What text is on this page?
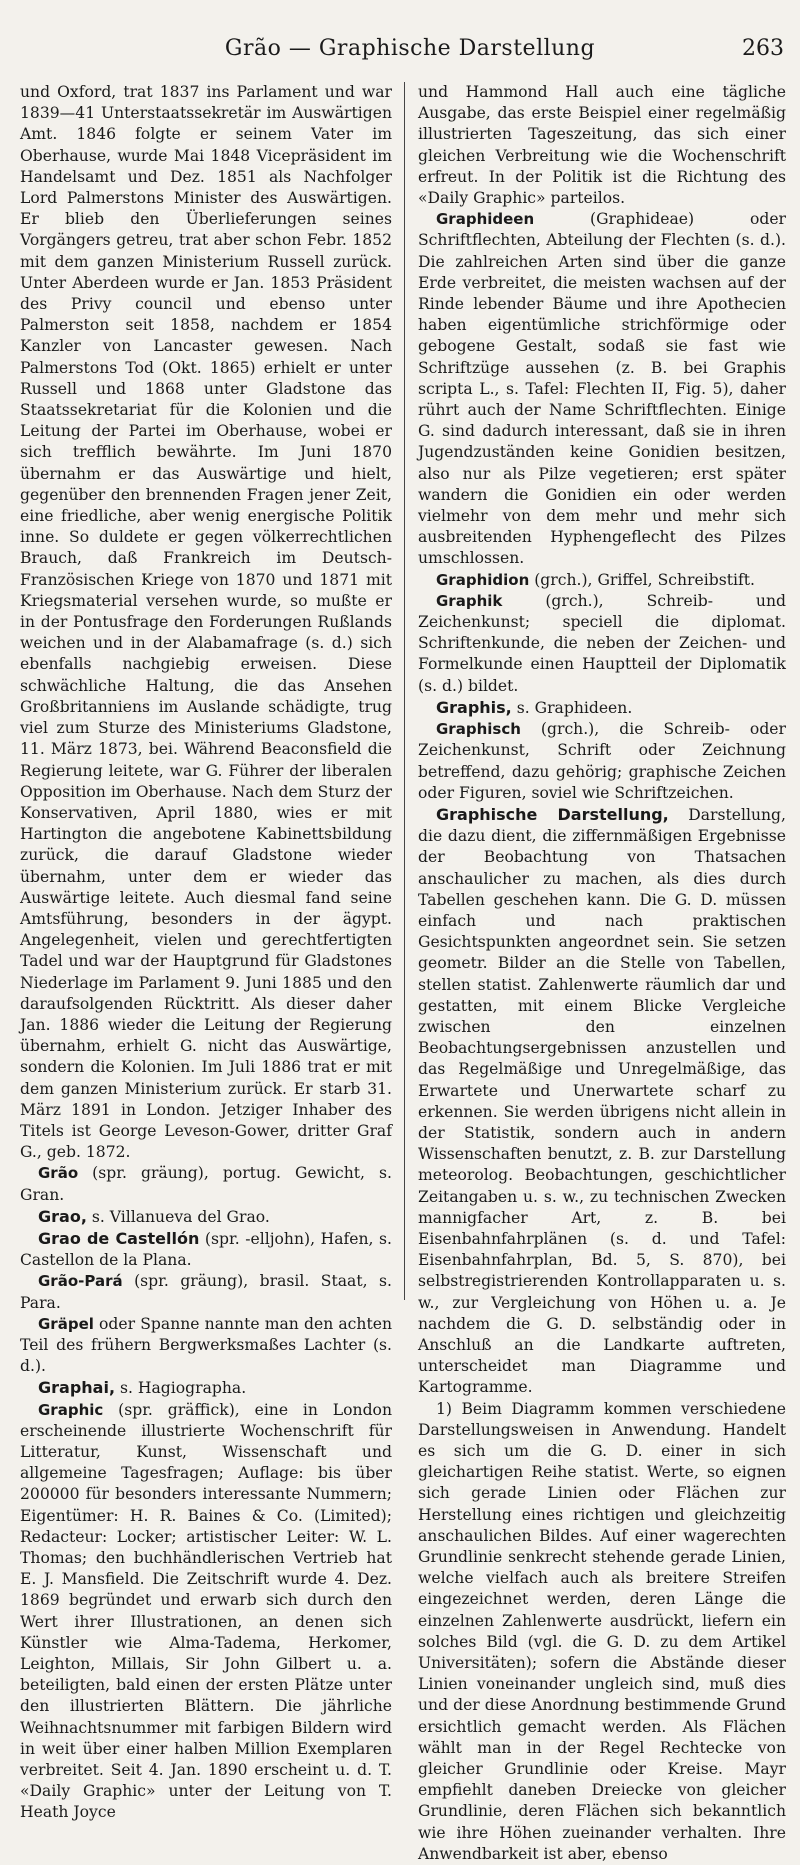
Grão — Graphische Darstellung	263

und Oxford, trat 1837 ins Parlament und war 1839—41 Unterstaatssekretär im Auswärtigen Amt. 1846 folgte er seinem Vater im Oberhause, wurde Mai 1848 Vicepräsident im Handelsamt und Dez. 1851 als Nachfolger Lord Palmerstons Minister des Auswärtigen. Er blieb den Überlieferungen seines Vorgängers getreu, trat aber schon Febr. 1852 mit dem ganzen Ministerium Russell zurück. Unter Aberdeen wurde er Jan. 1853 Präsident des Privy council und ebenso unter Palmerston seit 1858, nachdem er 1854 Kanzler von Lancaster gewesen. Nach Palmerstons Tod (Okt. 1865) erhielt er unter Russell und 1868 unter Gladstone das Staatssekretariat für die Kolonien und die Leitung der Partei im Oberhause, wobei er sich trefflich bewährte. Im Juni 1870 übernahm er das Auswärtige und hielt, gegenüber den brennenden Fragen jener Zeit, eine friedliche, aber wenig energische Politik inne. So duldete er gegen völkerrechtlichen Brauch, daß Frankreich im Deutsch-Französischen Kriege von 1870 und 1871 mit Kriegsmaterial versehen wurde, so mußte er in der Pontusfrage den Forderungen Rußlands weichen und in der Alabamafrage (s. d.) sich ebenfalls nachgiebig erweisen. Diese schwächliche Haltung, die das Ansehen Großbritanniens im Auslande schädigte, trug viel zum Sturze des Ministeriums Gladstone, 11. März 1873, bei. Während Beaconsfield die Regierung leitete, war G. Führer der liberalen Opposition im Oberhause. Nach dem Sturz der Konservativen, April 1880, wies er mit Hartington die angebotene Kabinettsbildung zurück, die darauf Gladstone wieder übernahm, unter dem er wieder das Auswärtige leitete. Auch diesmal fand seine Amtsführung, besonders in der ägypt. Angelegenheit, vielen und gerechtfertigten Tadel und war der Hauptgrund für Gladstones Niederlage im Parlament 9. Juni 1885 und den daraufsolgenden Rücktritt. Als dieser daher Jan. 1886 wieder die Leitung der Regierung übernahm, erhielt G. nicht das Auswärtige, sondern die Kolonien. Im Juli 1886 trat er mit dem ganzen Ministerium zurück. Er starb 31. März 1891 in London. Jetziger Inhaber des Titels ist George Leveson-Gower, dritter Graf G., geb. 1872.

Grão (spr. gräung), portug. Gewicht, s. Gran.

Grao, s. Villanueva del Grao.

Grao de Castellón (spr. -elljohn), Hafen, s. Castellon de la Plana.

Grão-Pará (spr. gräung), brasil. Staat, s. Para.

Gräpel oder Spanne nannte man den achten Teil des frühern Bergwerksmaßes Lachter (s. d.).

Graphai, s. Hagiographa.

Graphic (spr. gräffick), eine in London erscheinende illustrierte Wochenschrift für Litteratur, Kunst, Wissenschaft und allgemeine Tagesfragen; Auflage: bis über 200000 für besonders interessante Nummern; Eigentümer: H. R. Baines & Co. (Limited); Redacteur: Locker; artistischer Leiter: W. L. Thomas; den buchhändlerischen Vertrieb hat E. J. Mansfield. Die Zeitschrift wurde 4. Dez. 1869 begründet und erwarb sich durch den Wert ihrer Illustrationen, an denen sich Künstler wie Alma-Tadema, Herkomer, Leighton, Millais, Sir John Gilbert u. a. beteiligten, bald einen der ersten Plätze unter den illustrierten Blättern. Die jährliche Weihnachtsnummer mit farbigen Bildern wird in weit über einer halben Million Exemplaren verbreitet. Seit 4. Jan. 1890 erscheint u. d. T. «Daily Graphic» unter der Leitung von T. Heath Joyce

und Hammond Hall auch eine tägliche Ausgabe, das erste Beispiel einer regelmäßig illustrierten Tageszeitung, das sich einer gleichen Verbreitung wie die Wochenschrift erfreut. In der Politik ist die Richtung des «Daily Graphic» parteilos.

Graphideen (Graphideae) oder Schriftflechten, Abteilung der Flechten (s. d.). Die zahlreichen Arten sind über die ganze Erde verbreitet, die meisten wachsen auf der Rinde lebender Bäume und ihre Apothecien haben eigentümliche strichförmige oder gebogene Gestalt, sodaß sie fast wie Schriftzüge aussehen (z. B. bei Graphis scripta L., s. Tafel: Flechten II, Fig. 5), daher rührt auch der Name Schriftflechten. Einige G. sind dadurch interessant, daß sie in ihren Jugendzuständen keine Gonidien besitzen, also nur als Pilze vegetieren; erst später wandern die Gonidien ein oder werden vielmehr von dem mehr und mehr sich ausbreitenden Hyphengeflecht des Pilzes umschlossen.

Graphidion (grch.), Griffel, Schreibstift.

Graphik (grch.), Schreib- und Zeichenkunst; speciell die diplomat. Schriftenkunde, die neben der Zeichen- und Formelkunde einen Hauptteil der Diplomatik (s. d.) bildet.

Graphis, s. Graphideen.

Graphisch (grch.), die Schreib- oder Zeichenkunst, Schrift oder Zeichnung betreffend, dazu gehörig; graphische Zeichen oder Figuren, soviel wie Schriftzeichen.

Graphische Darstellung, Darstellung, die dazu dient, die ziffernmäßigen Ergebnisse der Beobachtung von Thatsachen anschaulicher zu machen, als dies durch Tabellen geschehen kann. Die G. D. müssen einfach und nach praktischen Gesichtspunkten angeordnet sein. Sie setzen geometr. Bilder an die Stelle von Tabellen, stellen statist. Zahlenwerte räumlich dar und gestatten, mit einem Blicke Vergleiche zwischen den einzelnen Beobachtungsergebnissen anzustellen und das Regelmäßige und Unregelmäßige, das Erwartete und Unerwartete scharf zu erkennen. Sie werden übrigens nicht allein in der Statistik, sondern auch in andern Wissenschaften benutzt, z. B. zur Darstellung meteorolog. Beobachtungen, geschichtlicher Zeitangaben u. s. w., zu technischen Zwecken mannigfacher Art, z. B. bei Eisenbahnfahrplänen (s. d. und Tafel: Eisenbahnfahrplan, Bd. 5, S. 870), bei selbstregistrierenden Kontrollapparaten u. s. w., zur Vergleichung von Höhen u. a. Je nachdem die G. D. selbständig oder in Anschluß an die Landkarte auftreten, unterscheidet man Diagramme und Kartogramme.

1) Beim Diagramm kommen verschiedene Darstellungsweisen in Anwendung. Handelt es sich um die G. D. einer in sich gleichartigen Reihe statist. Werte, so eignen sich gerade Linien oder Flächen zur Herstellung eines richtigen und gleichzeitig anschaulichen Bildes. Auf einer wagerechten Grundlinie senkrecht stehende gerade Linien, welche vielfach auch als breitere Streifen eingezeichnet werden, deren Länge die einzelnen Zahlenwerte ausdrückt, liefern ein solches Bild (vgl. die G. D. zu dem Artikel Universitäten); sofern die Abstände dieser Linien voneinander ungleich sind, muß dies und der diese Anordnung bestimmende Grund ersichtlich gemacht werden. Als Flächen wählt man in der Regel Rechtecke von gleicher Grundlinie oder Kreise. Mayr empfiehlt daneben Dreiecke von gleicher Grundlinie, deren Flächen sich bekanntlich wie ihre Höhen zueinander verhalten. Ihre Anwendbarkeit ist aber, ebenso
